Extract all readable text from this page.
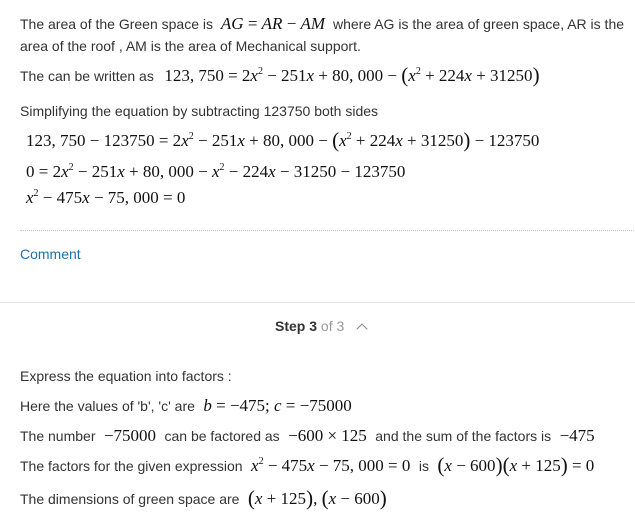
The area of the Green space is AG = AR − AM where AG is the area of green space, AR is the
area of the roof , AM is the area of Mechanical support.
The can be written as 123, $750 = 2x^2 - 251x + 80$, $000 - (x^2 + 224x + 31250)$
Simplifying the equation by subtracting 123750 both sides
123, $750 - 123750 = 2x^2 - 251x + 80$, $000 - (x^2 + 224x + 31250) - 123750$
$0 = 2x^2 - 251x + 80$, $000 - x^2 - 224x - 31250 - 123750$
$x^2 - 475x - 75$, 000 = 0
Comment
Step 3 of 3
Express the equation into factors :
Here the values of 'b', 'c' are b = −475; c = −75000
The number −75000 can be factored as −600 × 125 and the sum of the factors is −475
The factors for the given expression $x^2 - 475x - 75$, 000 = 0 is (x − 600)(x + 125) = 0
The dimensions of green space are (x + 125), (x − 600)
